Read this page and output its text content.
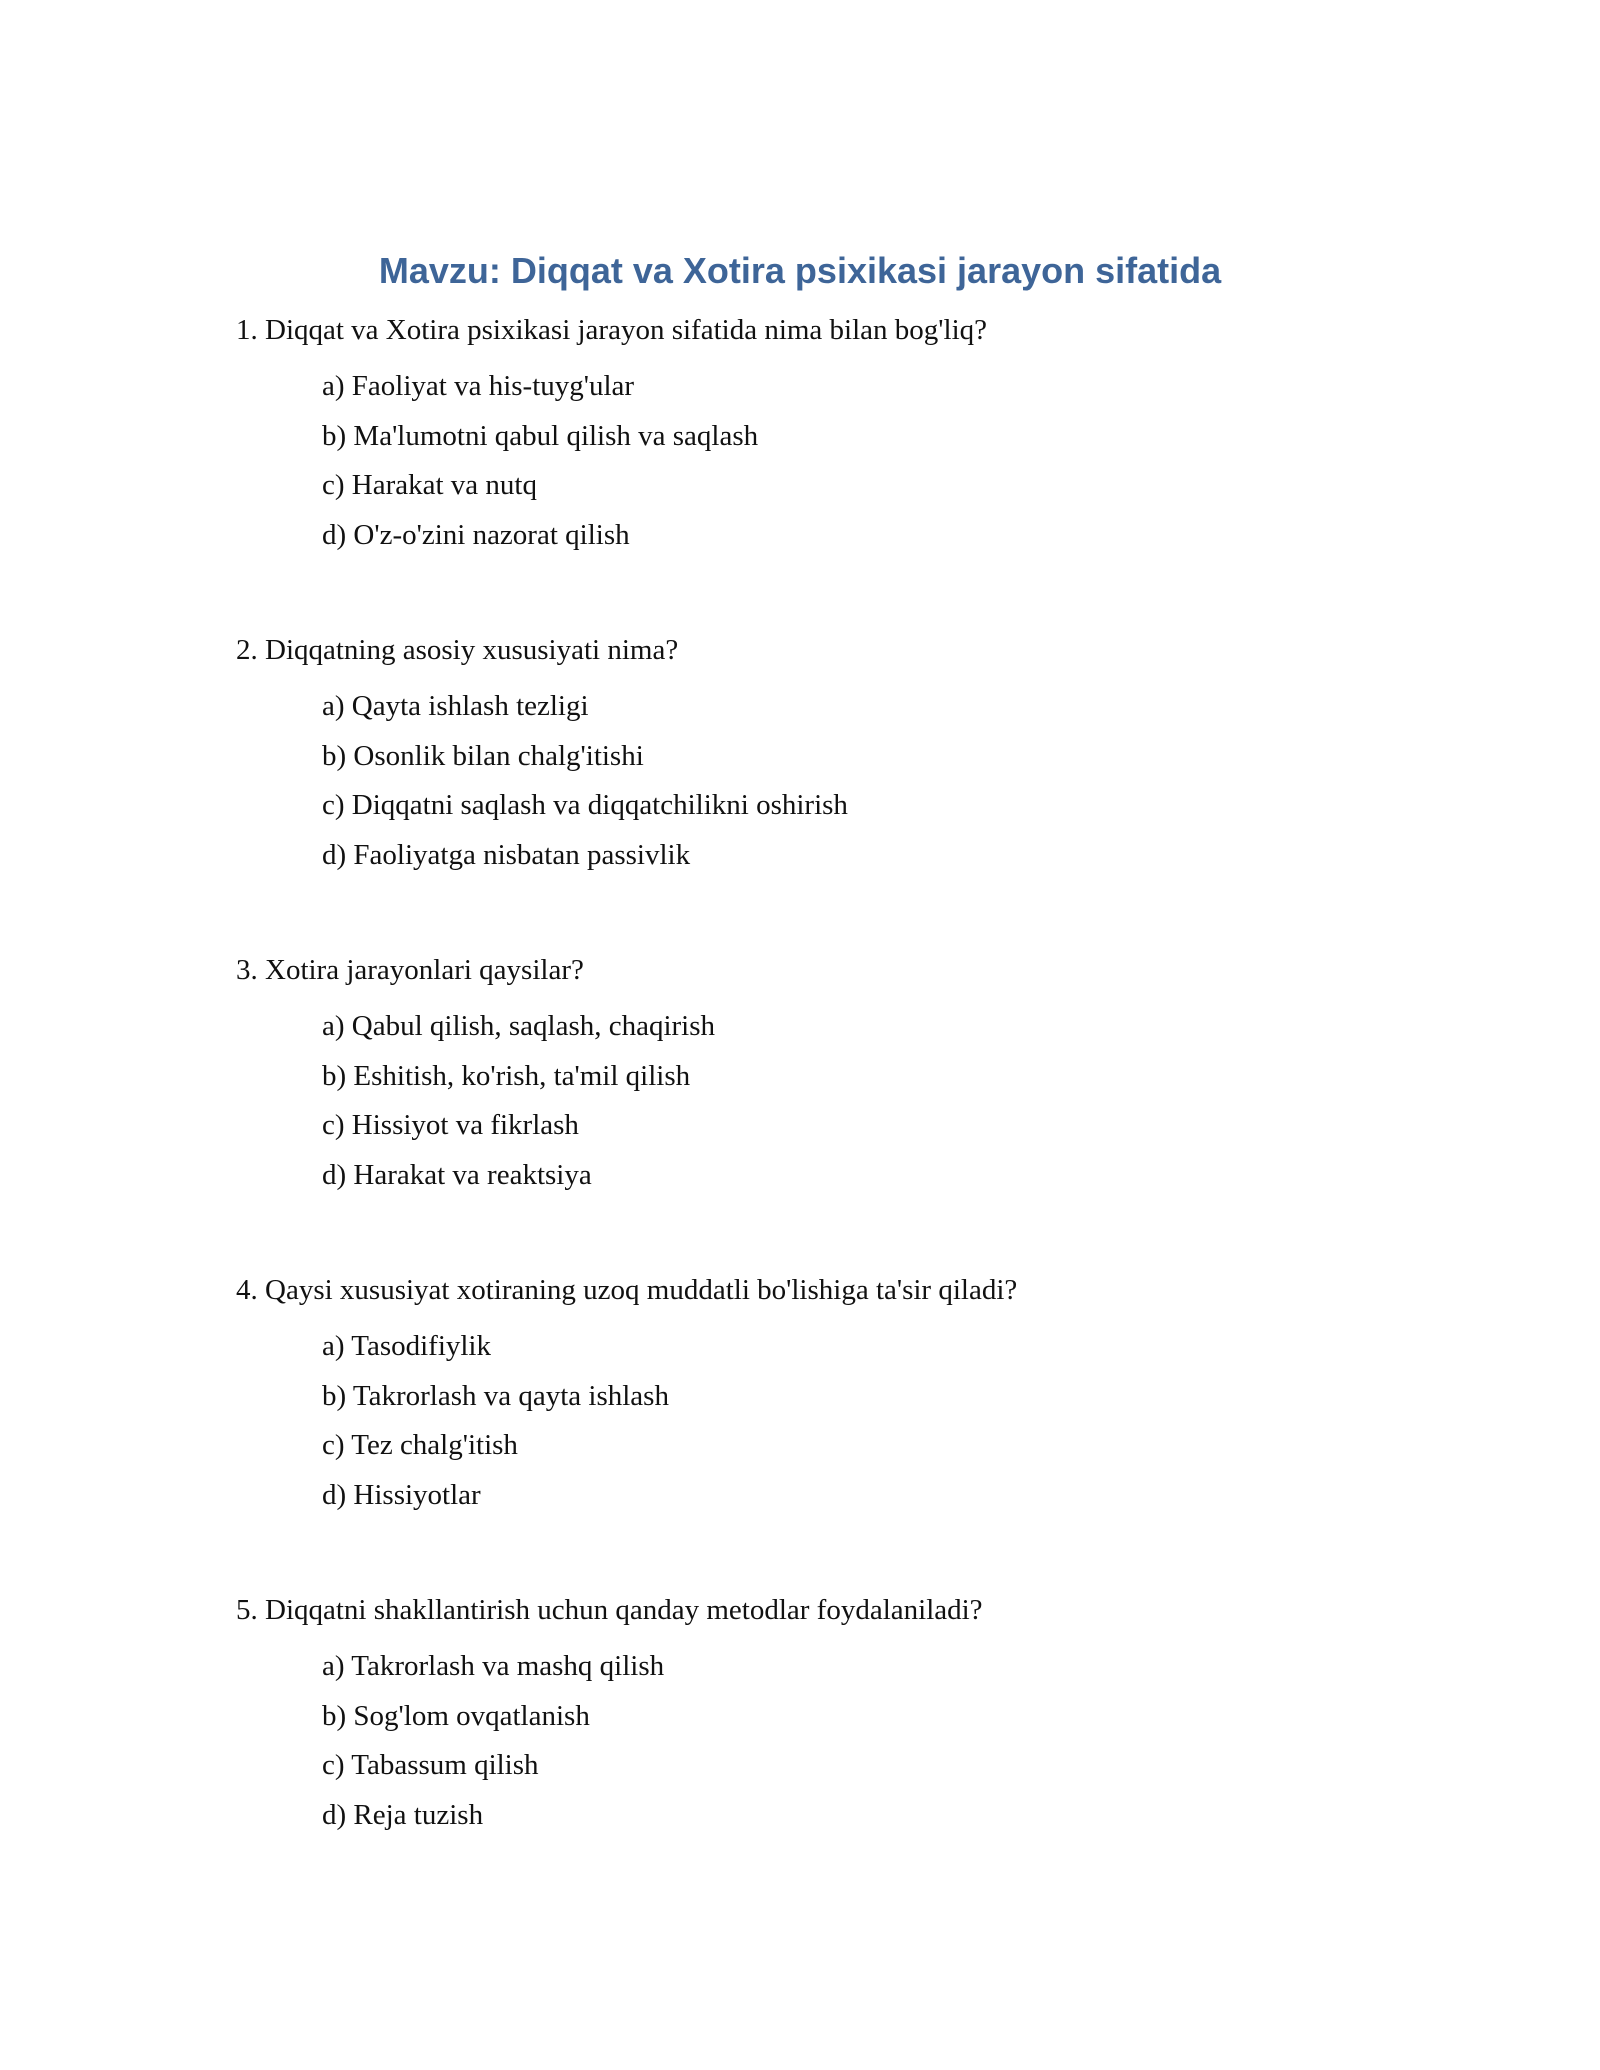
Mavzu: Diqqat va Xotira psixikasi jarayon sifatida
1. Diqqat va Xotira psixikasi jarayon sifatida nima bilan bog'liq?
a) Faoliyat va his-tuyg'ular
b) Ma'lumotni qabul qilish va saqlash
c) Harakat va nutq
d) O'z-o'zini nazorat qilish
2. Diqqatning asosiy xususiyati nima?
a) Qayta ishlash tezligi
b) Osonlik bilan chalg'itishi
c) Diqqatni saqlash va diqqatchilikni oshirish
d) Faoliyatga nisbatan passivlik
3. Xotira jarayonlari qaysilar?
a) Qabul qilish, saqlash, chaqirish
b) Eshitish, ko'rish, ta'mil qilish
c) Hissiyot va fikrlash
d) Harakat va reaktsiya
4. Qaysi xususiyat xotiraning uzoq muddatli bo'lishiga ta'sir qiladi?
a) Tasodifiylik
b) Takrorlash va qayta ishlash
c) Tez chalg'itish
d) Hissiyotlar
5. Diqqatni shakllantirish uchun qanday metodlar foydalaniladi?
a) Takrorlash va mashq qilish
b) Sog'lom ovqatlanish
c) Tabassum qilish
d) Reja tuzish
